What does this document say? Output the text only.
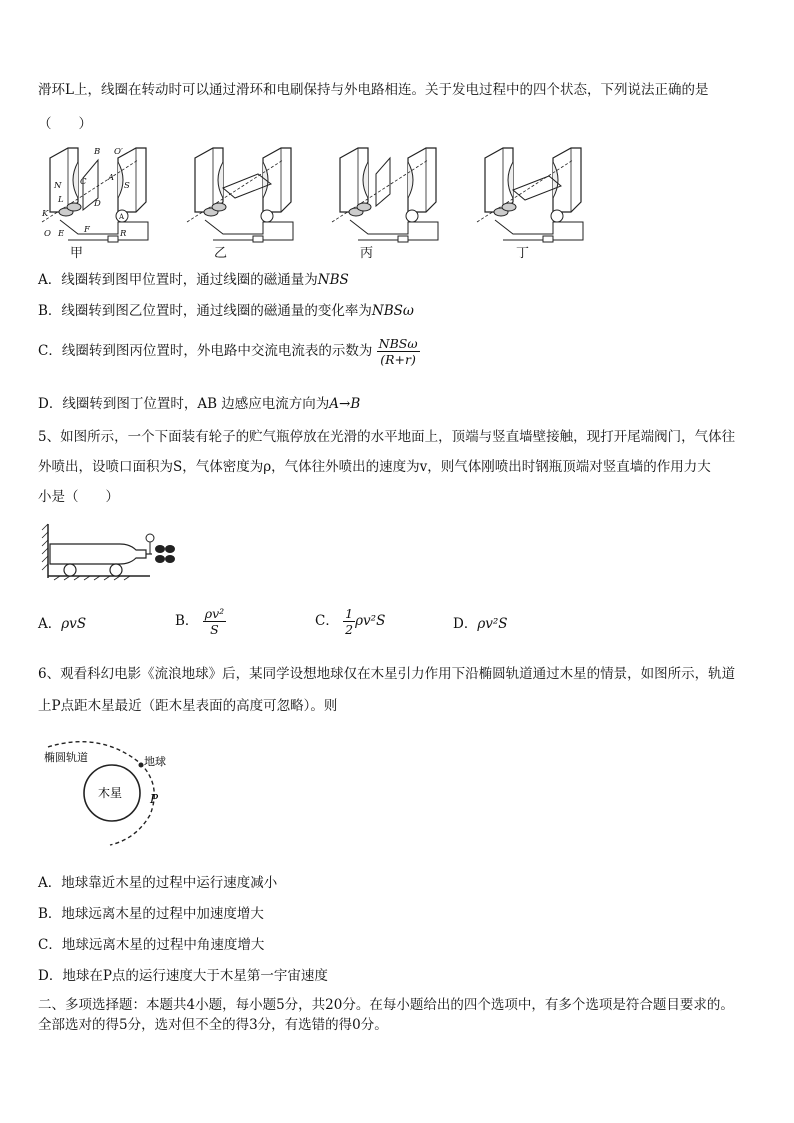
滑环L上，线圈在转动时可以通过滑环和电刷保持与外电路相连。关于发电过程中的四个状态，下列说法正确的是
（　　）
N	S
K
L
O E F	R
B O′
A
C
D
A
甲	乙	丙	丁
A．线圈转到图甲位置时，通过线圈的磁通量为NBS
B．线圈转到图乙位置时，通过线圈的磁通量的变化率为NBSω
C．线圈转到图丙位置时，外电路中交流电流表的示数为 $\frac{\text{NBSω}}{(R+r)}$
D．线圈转到图丁位置时，AB 边感应电流方向为A→B
5、如图所示，一个下面装有轮子的贮气瓶停放在光滑的水平地面上，顶端与竖直墙壁接触，现打开尾端阀门，气体往
外喷出，设喷口面积为S，气体密度为ρ，气体往外喷出的速度为v，则气体刚喷出时钢瓶顶端对竖直墙的作用力大
小是（　　）
A．ρvS	B． $\frac{\text{ρv²}}{S}$	C． $\frac{1}{2} \rho v^2S$	D．ρv²S
6、观看科幻电影《流浪地球》后，某同学设想地球仅在木星引力作用下沿椭圆轨道通过木星的情景，如图所示，轨道
上P点距木星最近（距木星表面的高度可忽略）。则
椭圆轨道	地球
木星 P
A．地球靠近木星的过程中运行速度减小
B．地球远离木星的过程中加速度增大
C．地球远离木星的过程中角速度增大
D．地球在P点的运行速度大于木星第一宇宙速度
二、多项选择题：本题共4小题，每小题5分，共20分。在每小题给出的四个选项中，有多个选项是符合题目要求的。
全部选对的得5分，选对但不全的得3分，有选错的得0分。
